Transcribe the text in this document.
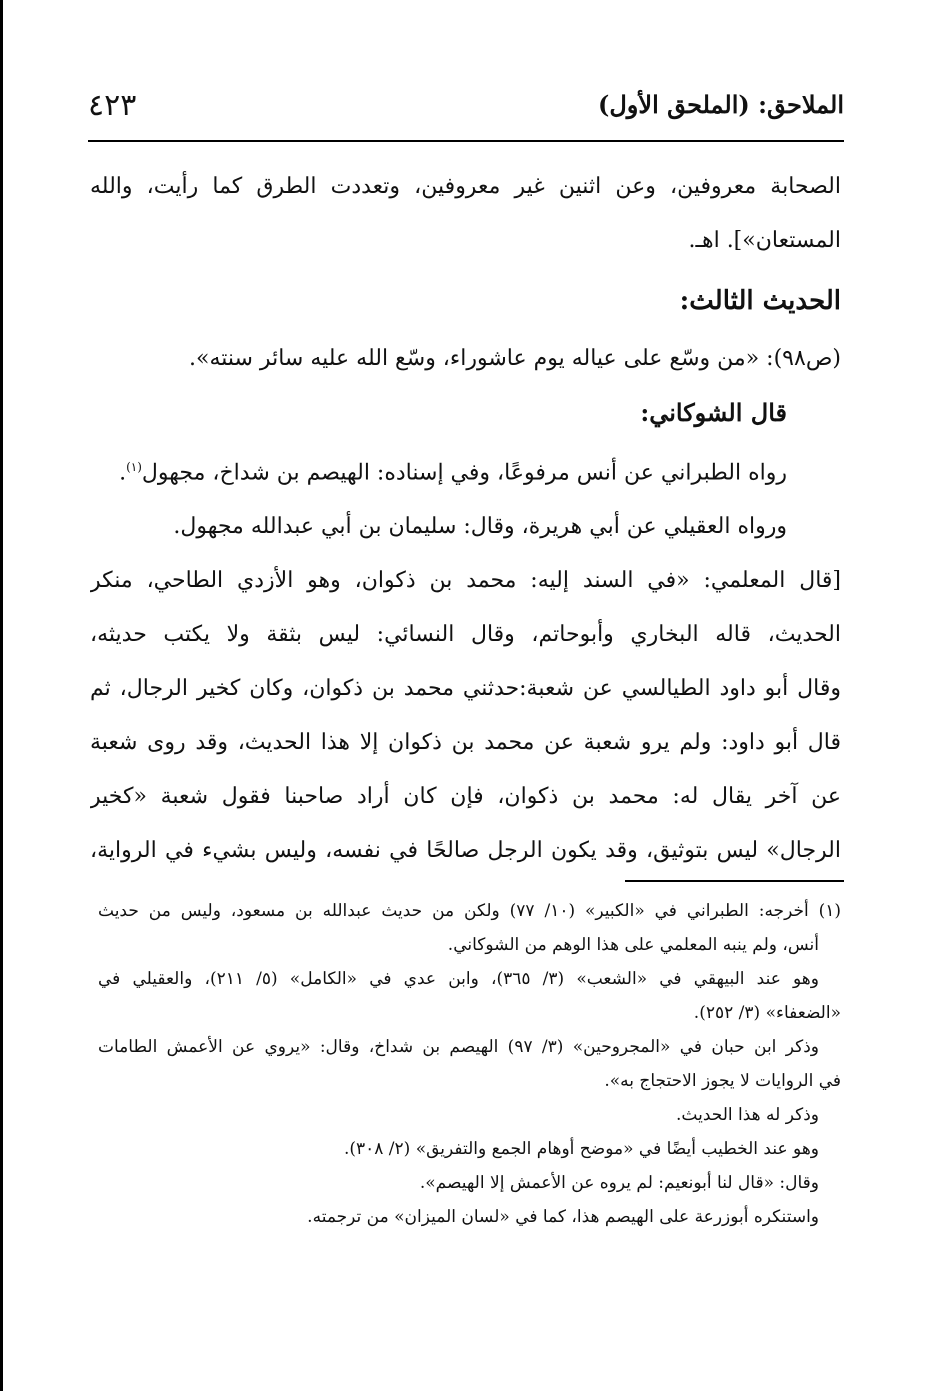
الملاحق: (الملحق الأول)
٤٢٣

الصحابة معروفين، وعن اثنين غير معروفين، وتعددت الطرق كما رأيت، والله

المستعان»]. اهـ.

الحديث الثالث:

(ص٩٨): «من وسّع على عياله يوم عاشوراء، وسّع الله عليه سائر سنته».

قال الشوكاني:

رواه الطبراني عن أنس مرفوعًا، وفي إسناده: الهيصم بن شداخ، مجهول$^{(١)}$.

ورواه العقيلي عن أبي هريرة، وقال: سليمان بن أبي عبدالله مجهول.

[قال المعلمي: «في السند إليه: محمد بن ذكوان، وهو الأزدي الطاحي، منكر

الحديث، قاله البخاري وأبوحاتم، وقال النسائي: ليس بثقة ولا يكتب حديثه،

وقال أبو داود الطيالسي عن شعبة:حدثني محمد بن ذكوان، وكان كخير الرجال، ثم

قال أبو داود: ولم يرو شعبة عن محمد بن ذكوان إلا هذا الحديث، وقد روى شعبة

عن آخر يقال له: محمد بن ذكوان، فإن كان أراد صاحبنا فقول شعبة «كخير

الرجال» ليس بتوثيق، وقد يكون الرجل صالحًا في نفسه، وليس بشيء في الرواية،

(١) أخرجه: الطبراني في «الكبير» (١٠/ ٧٧) ولكن من حديث عبدالله بن مسعود، وليس من حديث

أنس، ولم ينبه المعلمي على هذا الوهم من الشوكاني.

وهو عند البيهقي في «الشعب» (٣/ ٣٦٥)، وابن عدي في «الكامل» (٥/ ٢١١)، والعقيلي في

«الضعفاء» (٣/ ٢٥٢).

وذكر ابن حبان في «المجروحين» (٣/ ٩٧) الهيصم بن شداخ، وقال: «يروي عن الأعمش الطامات

في الروايات لا يجوز الاحتجاج به».

وذكر له هذا الحديث.

وهو عند الخطيب أيضًا في «موضح أوهام الجمع والتفريق» (٢/ ٣٠٨).

وقال: «قال لنا أبونعيم: لم يروه عن الأعمش إلا الهيصم».

واستنكره أبوزرعة على الهيصم هذا، كما في «لسان الميزان» من ترجمته.
